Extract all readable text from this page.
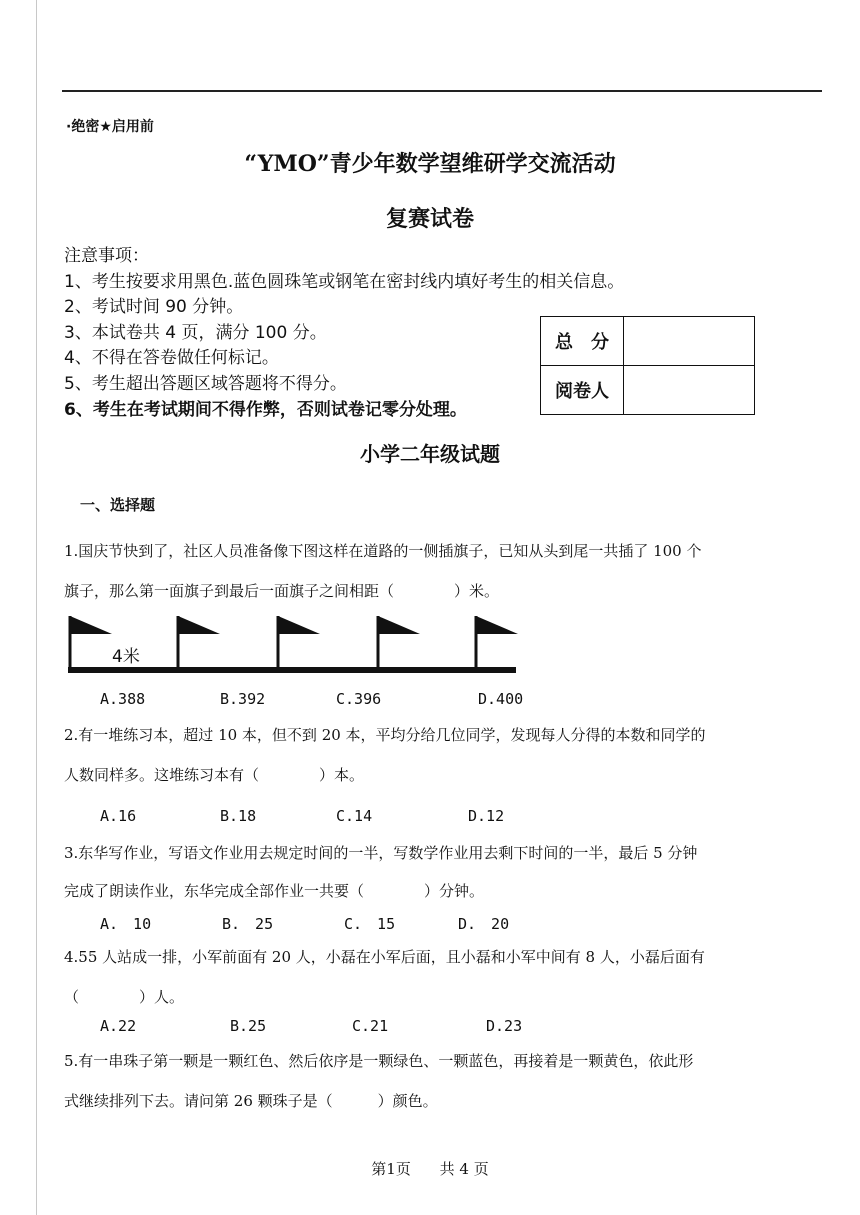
·绝密★启用前
“YMO”青少年数学望维研学交流活动
复赛试卷
注意事项：
1、考生按要求用黑色.蓝色圆珠笔或钢笔在密封线内填好考生的相关信息。
2、考试时间 90 分钟。
3、本试卷共 4 页，满分 100 分。
4、不得在答卷做任何标记。
5、考生超出答题区域答题将不得分。
6、考生在考试期间不得作弊，否则试卷记零分处理。
总　分	
阅卷人	
小学二年级试题
一、选择题
1.国庆节快到了，社区人员准备像下图这样在道路的一侧插旗子，已知从头到尾一共插了 100 个
旗子，那么第一面旗子到最后一面旗子之间相距（　　　　）米。
4米
A.388	B.392	C.396	D.400
2.有一堆练习本，超过 10 本，但不到 20 本，平均分给几位同学，发现每人分得的本数和同学的
人数同样多。这堆练习本有（　　　　）本。
A.16	B.18	C.14	D.12
3.东华写作业，写语文作业用去规定时间的一半，写数学作业用去剩下时间的一半，最后 5 分钟
完成了朗读作业，东华完成全部作业一共要（　　　　）分钟。
A.　10	B.　25	C.　15	D.　20
4.55 人站成一排，小军前面有 20 人，小磊在小军后面，且小磊和小军中间有 8 人，小磊后面有
（　　　　）人。
A.22	B.25	C.21	D.23
5.有一串珠子第一颗是一颗红色、然后依序是一颗绿色、一颗蓝色，再接着是一颗黄色，依此形
式继续排列下去。请问第 26 颗珠子是（　　　）颜色。
第1页 共 4 页
